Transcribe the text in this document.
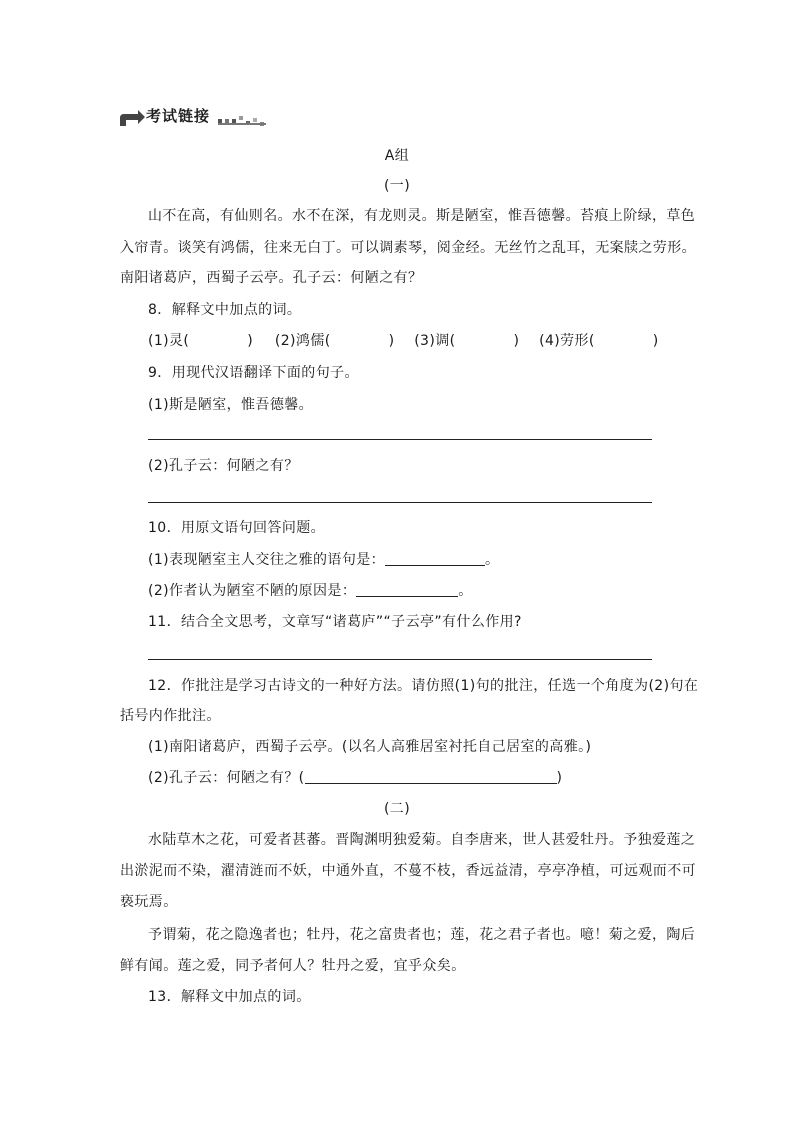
考试链接
A组
(一)
山不在高，有仙则名。水不在深，有龙则灵。斯是陋室，惟吾德馨。苔痕上阶绿，草色
入帘青。谈笑有鸿儒，往来无白丁。可以调素琴，阅金经。无丝竹之乱耳，无案牍之劳形。
南阳诸葛庐，西蜀子云亭。孔子云：何陋之有？
8．解释文中加点的词。
(1)灵(	) (2)鸿儒(	) (3)调(	) (4)劳形(	)
9．用现代汉语翻译下面的句子。
(1)斯是陋室，惟吾德馨。
(2)孔子云：何陋之有？
10．用原文语句回答问题。
(1)表现陋室主人交往之雅的语句是：	。
(2)作者认为陋室不陋的原因是：	。
11．结合全文思考，文章写“诸葛庐”“子云亭”有什么作用?
12．作批注是学习古诗文的一种好方法。请仿照(1)句的批注，任选一个角度为(2)句在
括号内作批注。
(1)南阳诸葛庐，西蜀子云亭。(以名人高雅居室衬托自己居室的高雅。)
(2)孔子云：何陋之有？(	)
(二)
水陆草木之花，可爱者甚蕃。晋陶渊明独爱菊。自李唐来，世人甚爱牡丹。予独爱莲之
出淤泥而不染，濯清涟而不妖，中通外直，不蔓不枝，香远益清，亭亭净植，可远观而不可
亵玩焉。
予谓菊，花之隐逸者也；牡丹，花之富贵者也；莲，花之君子者也。噫！菊之爱，陶后
鲜有闻。莲之爱，同予者何人？牡丹之爱，宜乎众矣。
13．解释文中加点的词。
